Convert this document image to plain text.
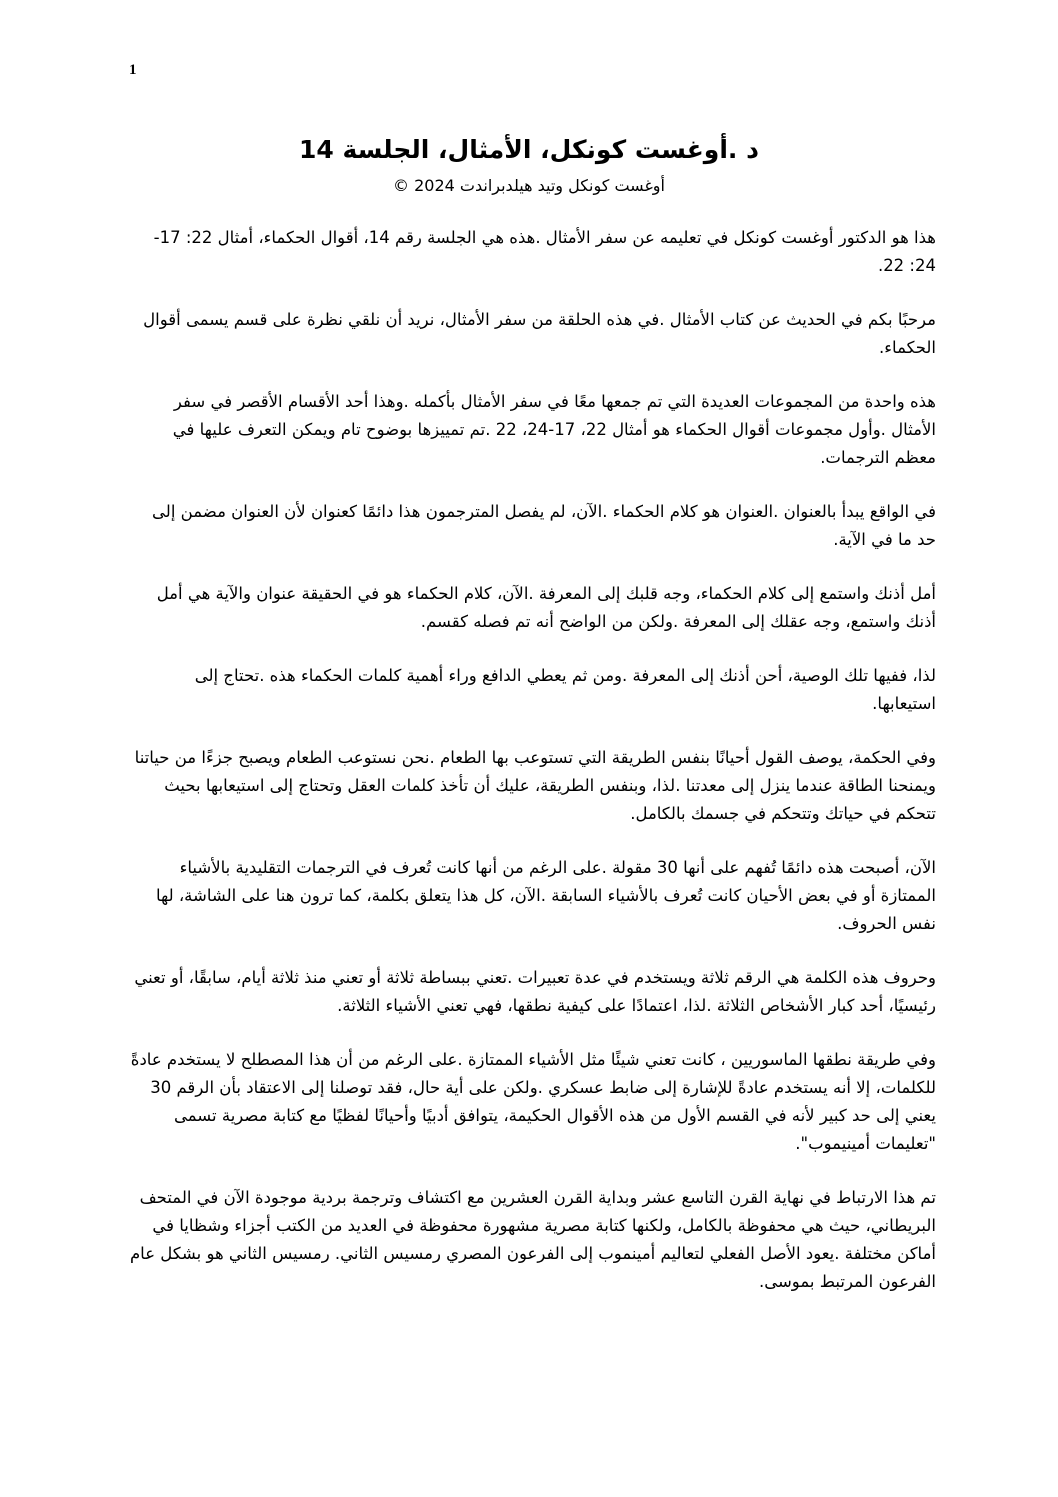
1
د .أوغست كونكل، الأمثال، الجلسة 14
أوغست كونكل وتيد هيلدبراندت 2024 ©

هذا هو الدكتور أوغست كونكل في تعليمه عن سفر الأمثال .هذه هي الجلسة رقم 14، أقوال الحكماء، أمثال 22: 17-24: 22.

مرحبًا بكم في الحديث عن كتاب الأمثال .في هذه الحلقة من سفر الأمثال، نريد أن نلقي نظرة على قسم يسمى أقوال الحكماء.

هذه واحدة من المجموعات العديدة التي تم جمعها معًا في سفر الأمثال بأكمله .وهذا أحد الأقسام الأقصر في سفر الأمثال .وأول مجموعات أقوال الحكماء هو أمثال 22، 17-24، 22 .تم تمييزها بوضوح تام ويمكن التعرف عليها في معظم الترجمات.

في الواقع يبدأ بالعنوان .العنوان هو كلام الحكماء .الآن، لم يفصل المترجمون هذا دائمًا كعنوان لأن العنوان مضمن إلى حد ما في الآية.

أمل أذنك واستمع إلى كلام الحكماء، وجه قلبك إلى المعرفة .الآن، كلام الحكماء هو في الحقيقة عنوان والآية هي أمل أذنك واستمع، وجه عقلك إلى المعرفة .ولكن من الواضح أنه تم فصله كقسم.

لذا، ففيها تلك الوصية، أحن أذنك إلى المعرفة .ومن ثم يعطي الدافع وراء أهمية كلمات الحكماء هذه .تحتاج إلى استيعابها.

وفي الحكمة، يوصف القول أحيانًا بنفس الطريقة التي تستوعب بها الطعام .نحن نستوعب الطعام ويصبح جزءًا من حياتنا ويمنحنا الطاقة عندما ينزل إلى معدتنا .لذا، وبنفس الطريقة، عليك أن تأخذ كلمات العقل وتحتاج إلى استيعابها بحيث تتحكم في حياتك وتتحكم في جسمك بالكامل.

الآن، أصبحت هذه دائمًا تُفهم على أنها 30 مقولة .على الرغم من أنها كانت تُعرف في الترجمات التقليدية بالأشياء الممتازة أو في بعض الأحيان كانت تُعرف بالأشياء السابقة .الآن، كل هذا يتعلق بكلمة، كما ترون هنا على الشاشة، لها نفس الحروف.

وحروف هذه الكلمة هي الرقم ثلاثة ويستخدم في عدة تعبيرات .تعني ببساطة ثلاثة أو تعني منذ ثلاثة أيام، سابقًا، أو تعني رئيسيًا، أحد كبار الأشخاص الثلاثة .لذا، اعتمادًا على كيفية نطقها، فهي تعني الأشياء الثلاثة.

وفي طريقة نطقها الماسوريين ، كانت تعني شيئًا مثل الأشياء الممتازة .على الرغم من أن هذا المصطلح لا يستخدم عادةً للكلمات، إلا أنه يستخدم عادةً للإشارة إلى ضابط عسكري .ولكن على أية حال، فقد توصلنا إلى الاعتقاد بأن الرقم 30 يعني إلى حد كبير لأنه في القسم الأول من هذه الأقوال الحكيمة، يتوافق أدبيًا وأحيانًا لفظيًا مع كتابة مصرية تسمى "تعليمات أمينيموب".

تم هذا الارتباط في نهاية القرن التاسع عشر وبداية القرن العشرين مع اكتشاف وترجمة بردية موجودة الآن في المتحف البريطاني، حيث هي محفوظة بالكامل، ولكنها كتابة مصرية مشهورة محفوظة في العديد من الكتب أجزاء وشظايا في أماكن مختلفة .يعود الأصل الفعلي لتعاليم أمينموب إلى الفرعون المصري رمسيس الثاني. رمسيس الثاني هو بشكل عام الفرعون المرتبط بموسى.
